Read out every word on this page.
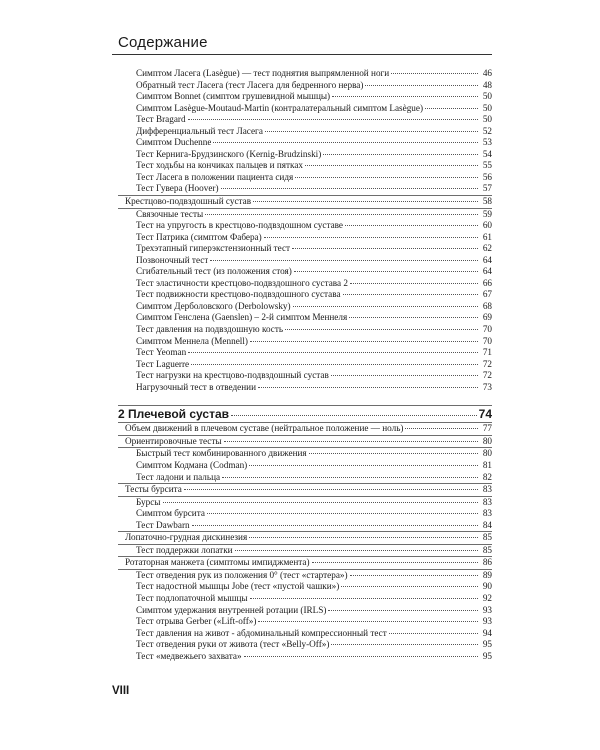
Содержание
Симптом Ласега (Lasègue) — тест поднятия выпрямленной ноги	46
Обратный тест Ласега (тест Ласега для бедренного нерва)	48
Симптом Bonnet (симптом грушевидной мышцы)	50
Симптом Lasègue-Moutaud-Martin (контралатеральный симптом Lasègue)	50
Тест Bragard	50
Дифференциальный тест Ласега	52
Симптом Duchenne	53
Тест Кернига-Брудзинского (Kernig-Brudzinski)	54
Тест ходьбы на кончиках пальцев и пятках	55
Тест Ласега в положении пациента сидя	56
Тест Гувера (Hoover)	57
Крестцово-подвздошный сустав	58
Связочные тесты	59
Тест на упругость в крестцово-подвздошном суставе	60
Тест Патрика (симптом Фабера)	61
Трехэтапный гиперэкстензионный тест	62
Позвоночный тест	64
Сгибательный тест (из положения стоя)	64
Тест эластичности крестцово-подвздошного сустава 2	66
Тест подвижности крестцово-подвздошного сустава	67
Симптом Дерболовского (Derbolowsky)	68
Симптом Генслена (Gaenslen) – 2-й симптом Меннеля	69
Тест давления на подвздошную кость	70
Симптом Меннела (Mennell)	70
Тест Yeoman	71
Тест Laguerre	72
Тест нагрузки на крестцово-подвздошный сустав	72
Нагрузочный тест в отведении	73
2 Плечевой сустав	74
Объем движений в плечевом суставе (нейтральное положение — ноль)	77
Ориентировочные тесты	80
Быстрый тест комбинированного движения	80
Симптом Кодмана (Codman)	81
Тест ладони и пальца	82
Тесты бурсита	83
Бурсы	83
Симптом бурсита	83
Тест Dawbarn	84
Лопаточно-грудная дискинезия	85
Тест поддержки лопатки	85
Ротаторная манжета (симптомы импиджмента)	86
Тест отведения рук из положения 0° (тест «стартера»)	89
Тест надостной мышцы Jobe (тест «пустой чашки»)	90
Тест подлопаточной мышцы	92
Симптом удержания внутренней ротации (IRLS)	93
Тест отрыва Gerber («Lift-off»)	93
Тест давления на живот - абдоминальный компрессионный тест	94
Тест отведения руки от живота (тест «Belly-Off»)	95
Тест «медвежьего захвата»	95
VIII
